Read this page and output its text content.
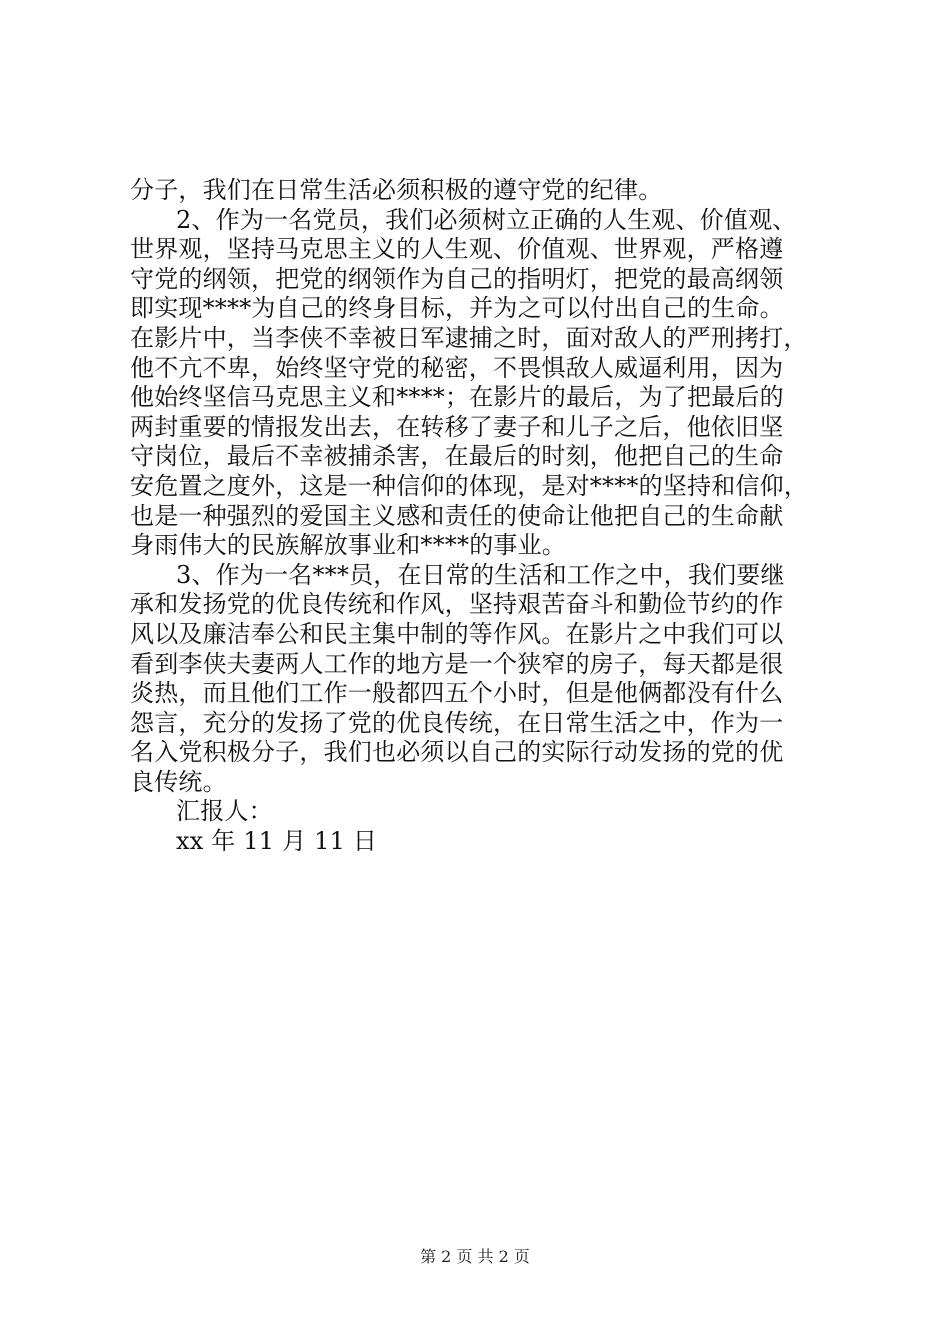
分子，我们在日常生活必须积极的遵守党的纪律。
2、作为一名党员，我们必须树立正确的人生观、价值观、
世界观，坚持马克思主义的人生观、价值观、世界观，严格遵
守党的纲领，把党的纲领作为自己的指明灯，把党的最高纲领
即实现****为自己的终身目标，并为之可以付出自己的生命。
在影片中，当李侠不幸被日军逮捕之时，面对敌人的严刑拷打，
他不亢不卑，始终坚守党的秘密，不畏惧敌人威逼利用，因为
他始终坚信马克思主义和****；在影片的最后，为了把最后的
两封重要的情报发出去，在转移了妻子和儿子之后，他依旧坚
守岗位，最后不幸被捕杀害，在最后的时刻，他把自己的生命
安危置之度外，这是一种信仰的体现，是对****的坚持和信仰，
也是一种强烈的爱国主义感和责任的使命让他把自己的生命献
身雨伟大的民族解放事业和****的事业。
3、作为一名***员，在日常的生活和工作之中，我们要继
承和发扬党的优良传统和作风，坚持艰苦奋斗和勤俭节约的作
风以及廉洁奉公和民主集中制的等作风。在影片之中我们可以
看到李侠夫妻两人工作的地方是一个狭窄的房子，每天都是很
炎热，而且他们工作一般都四五个小时，但是他俩都没有什么
怨言，充分的发扬了党的优良传统，在日常生活之中，作为一
名入党积极分子，我们也必须以自己的实际行动发扬的党的优
良传统。
汇报人：
xx 年 11 月 11 日
第 2 页 共 2 页
